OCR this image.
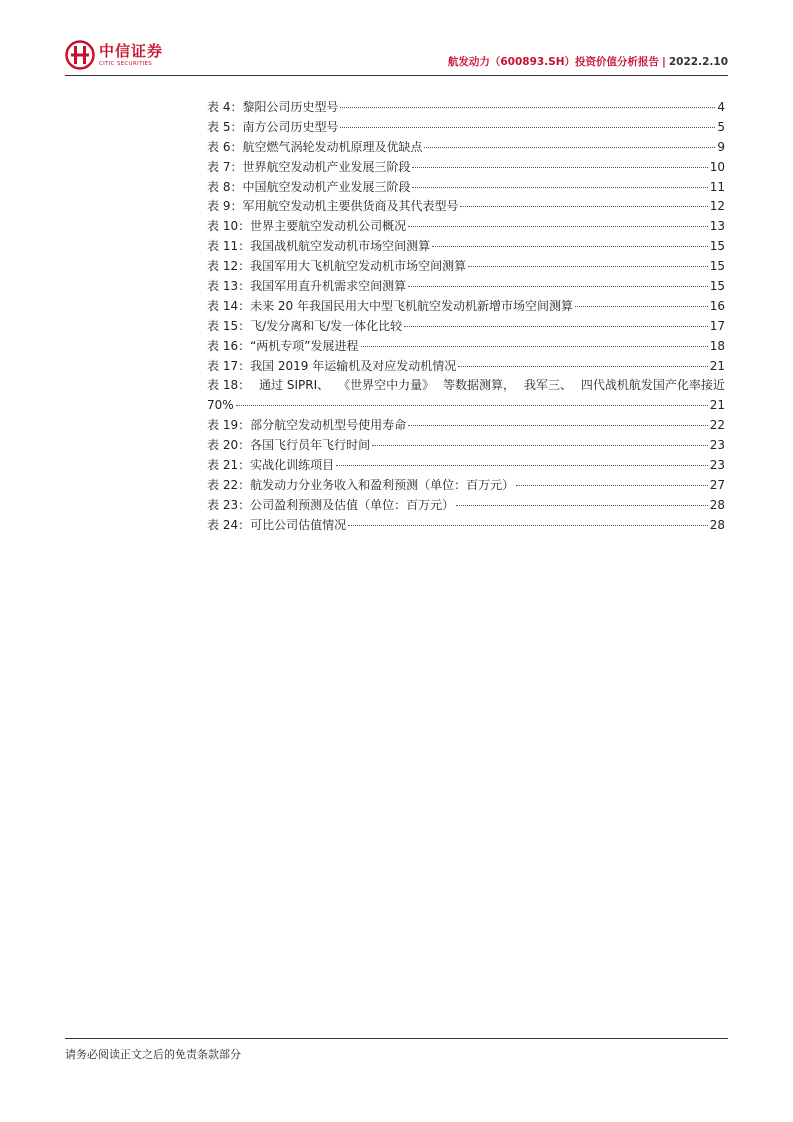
中信证券
CITIC SECURITIES	航发动力（600893.SH）投资价值分析报告 | 2022.2.10
表 4：黎阳公司历史型号	4
表 5：南方公司历史型号	5
表 6：航空燃气涡轮发动机原理及优缺点	9
表 7：世界航空发动机产业发展三阶段	10
表 8：中国航空发动机产业发展三阶段	11
表 9：军用航空发动机主要供货商及其代表型号	12
表 10：世界主要航空发动机公司概况	13
表 11：我国战机航空发动机市场空间测算	15
表 12：我国军用大飞机航空发动机市场空间测算	15
表 13：我国军用直升机需求空间测算	15
表 14：未来 20 年我国民用大中型飞机航空发动机新增市场空间测算	16
表 15：飞/发分离和飞/发一体化比较	17
表 16：“两机专项”发展进程	18
表 17：我国 2019 年运输机及对应发动机情况	21
表 18： 通过 SIPRI、 《世界空中力量》 等数据测算， 我军三、 四代战机航发国产化率接近
70%	21
表 19：部分航空发动机型号使用寿命	22
表 20：各国飞行员年飞行时间	23
表 21：实战化训练项目	23
表 22：航发动力分业务收入和盈利预测（单位：百万元）	27
表 23：公司盈利预测及估值（单位：百万元）	28
表 24：可比公司估值情况	28
请务必阅读正文之后的免责条款部分
